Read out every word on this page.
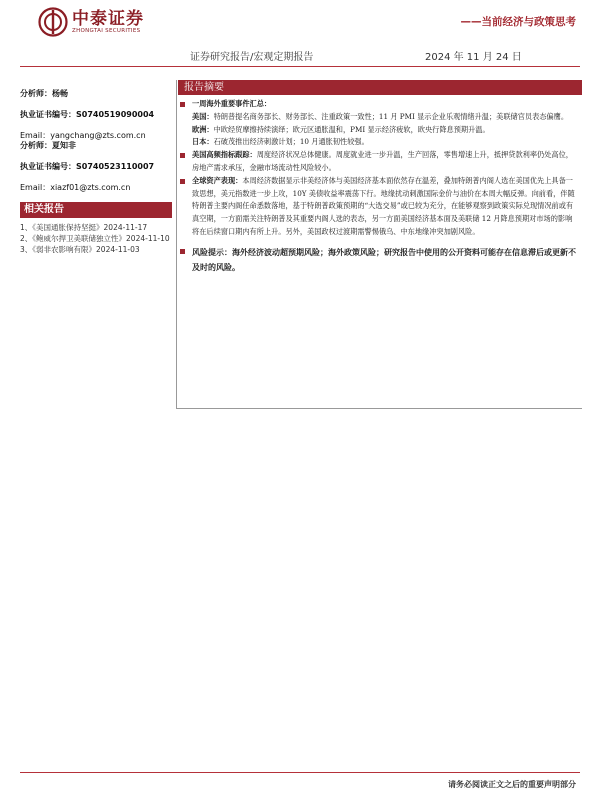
中泰证券
ZHONGTAI SECURITIES
——当前经济与政策思考
证券研究报告/宏观定期报告	2024 年 11 月 24 日
分析师：杨畅
执业证书编号：S0740519090004
Email：yangchang@zts.com.cn
分析师：夏知非
执业证书编号：S0740523110007
Email：xiazf01@zts.com.cn
相关报告
1、《美国通胀保持坚挺》2024-11-17
2、《鲍威尔捍卫美联储独立性》2024-11-10
3、《弱非农影响有限》2024-11-03
报告摘要
一周海外重要事件汇总：
美国：特朗普提名商务部长、财务部长、注重政策一致性；11 月 PMI 显示企业乐观情绪升温；美联储官员表态偏鹰。
欧洲：中欧经贸摩擦持续演绎；欧元区通胀温和，PMI 显示经济疲软，欧央行降息预期升温。
日本：石破茂推出经济刺激计划；10 月通胀韧性较强。
美国高频指标跟踪：周度经济状况总体健康。周度就业进一步升温，生产回落，零售增速上升，抵押贷款利率仍处高位，房地产需求承压，金融市场流动性风险较小。
全球资产表现：本周经济数据显示非美经济体与美国经济基本面依然存在温差，叠加特朗普内阁人选在美国优先上具备一致思想，美元指数进一步上攻，10Y 美债收益率震荡下行。地缘扰动刺激国际金价与油价在本周大幅反弹。向前看，伴随特朗普主要内阁任命悉数落地，基于特朗普政策预期的“大选交易”或已较为充分，在能够观察到政策实际兑现情况前或有真空期，一方面需关注特朗普及其重要内阁人选的表态，另一方面美国经济基本面及美联储 12 月降息预期对市场的影响将在后续窗口期内有所上升。另外，美国政权过渡期需警惕俄乌、中东地缘冲突加剧风险。
风险提示：海外经济波动超预期风险；海外政策风险；研究报告中使用的公开资料可能存在信息滞后或更新不及时的风险。
请务必阅读正文之后的重要声明部分
